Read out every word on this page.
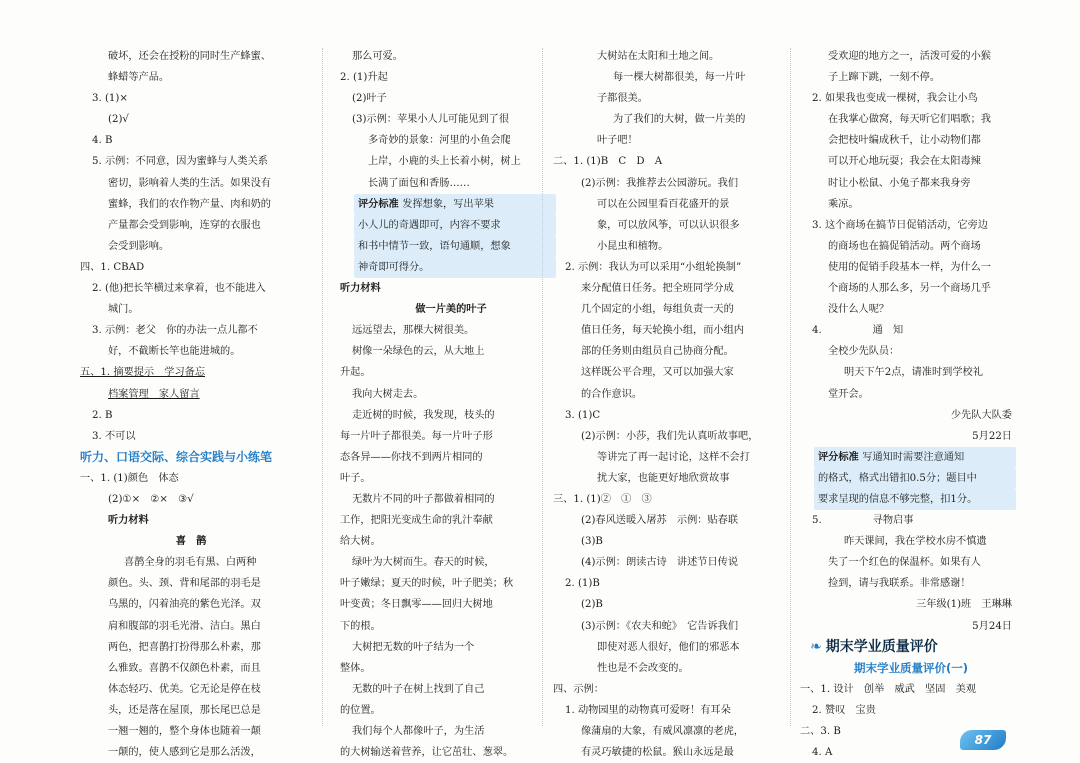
破坏，还会在授粉的同时生产蜂蜜、
蜂蜡等产品。
3. (1)×
(2)√
4. B
5. 示例：不同意，因为蜜蜂与人类关系
密切，影响着人类的生活。如果没有
蜜蜂，我们的农作物产量、肉和奶的
产量都会受到影响，连穿的衣服也
会受到影响。
四、1. CBAD
2. (他)把长竿横过来拿着，也不能进入
城门。
3. 示例：老父　你的办法一点儿都不
好，不截断长竿也能进城的。
五、1. 摘要提示　学习备忘
档案管理　家人留言
2. B
3. 不可以
听力、口语交际、综合实践与小练笔
一、1. (1)颜色　体态
(2)①×　②×　③√
听力材料
喜　鹊
喜鹊全身的羽毛有黑、白两种
颜色。头、颈、背和尾部的羽毛是
乌黑的，闪着油亮的紫色光泽。双
肩和腹部的羽毛光滑、洁白。黑白
两色，把喜鹊打扮得那么朴素，那
么雅致。喜鹊不仅颜色朴素，而且
体态轻巧、优美。它无论是停在枝
头，还是落在屋顶，那长尾巴总是
一翘一翘的，整个身体也随着一颠
一颠的，使人感到它是那么活泼，
那么可爱。
2. (1)升起
(2)叶子
(3)示例：苹果小人儿可能见到了很
多奇妙的景象：河里的小鱼会爬
上岸，小鹿的头上长着小树，树上
长满了面包和香肠……
评分标准 发挥想象，写出苹果
小人儿的奇遇即可，内容不要求
和书中情节一致，语句通顺，想象
神奇即可得分。
听力材料
做一片美的叶子
远远望去，那棵大树很美。
树像一朵绿色的云，从大地上
升起。
我向大树走去。
走近树的时候，我发现，枝头的
每一片叶子都很美。每一片叶子形
态各异——你找不到两片相同的
叶子。
无数片不同的叶子都做着相同的
工作，把阳光变成生命的乳汁奉献
给大树。
绿叶为大树而生。春天的时候，
叶子嫩绿；夏天的时候，叶子肥美；秋
叶变黄；冬日飘零——回归大树地
下的根。
大树把无数的叶子结为一个
整体。
无数的叶子在树上找到了自己
的位置。
我们每个人都像叶子，为生活
的大树输送着营养，让它茁壮、葱翠。
大树站在太阳和土地之间。
每一棵大树都很美，每一片叶
子都很美。
为了我们的大树，做一片美的
叶子吧！
二、1. (1)B　C　D　A
(2)示例：我推荐去公园游玩。我们
可以在公园里看百花盛开的景
象，可以放风筝，可以认识很多
小昆虫和植物。
2. 示例：我认为可以采用“小组轮换制”
来分配值日任务。把全班同学分成
几个固定的小组，每组负责一天的
值日任务，每天轮换小组，而小组内
部的任务则由组员自己协商分配。
这样既公平合理，又可以加强大家
的合作意识。
3. (1)C
(2)示例：小莎，我们先认真听故事吧，
等讲完了再一起讨论，这样不会打
扰大家，也能更好地欣赏故事
三、1. (1)②　①　③
(2)春风送暖入屠苏　示例：贴春联
(3)B
(4)示例：朗读古诗　讲述节日传说
2. (1)B
(2)B
(3)示例：《农夫和蛇》　它告诉我们
即使对恶人很好，他们的邪恶本
性也是不会改变的。
四、示例：
1. 动物园里的动物真可爱呀！有耳朵
像蒲扇的大象，有威风凛凛的老虎，
有灵巧敏捷的松鼠。猴山永远是最
受欢迎的地方之一，活泼可爱的小猴
子上蹿下跳，一刻不停。
2. 如果我也变成一棵树，我会让小鸟
在我掌心做窝，每天听它们唱歌；我
会把枝叶编成秋千，让小动物们都
可以开心地玩耍；我会在太阳毒辣
时让小松鼠、小兔子都来我身旁
乘凉。
3. 这个商场在搞节日促销活动，它旁边
的商场也在搞促销活动。两个商场
使用的促销手段基本一样，为什么一
个商场的人那么多，另一个商场几乎
没什么人呢？
4.　　　　　通　知
全校少先队员：
明天下午2点，请准时到学校礼
堂开会。
少先队大队委
5月22日
评分标准 写通知时需要注意通知
的格式，格式出错扣0.5分；题目中
要求呈现的信息不够完整，扣1分。
5.　　　　　寻物启事
昨天课间，我在学校水房不慎遗
失了一个红色的保温杯。如果有人
捡到，请与我联系。非常感谢！
三年级(1)班　王琳琳
5月24日
❧ 期末学业质量评价
期末学业质量评价(一)
一、1. 设计　创举　威武　坚固　美观
2. 赞叹　宝贵
二、3. B
4. A
87
